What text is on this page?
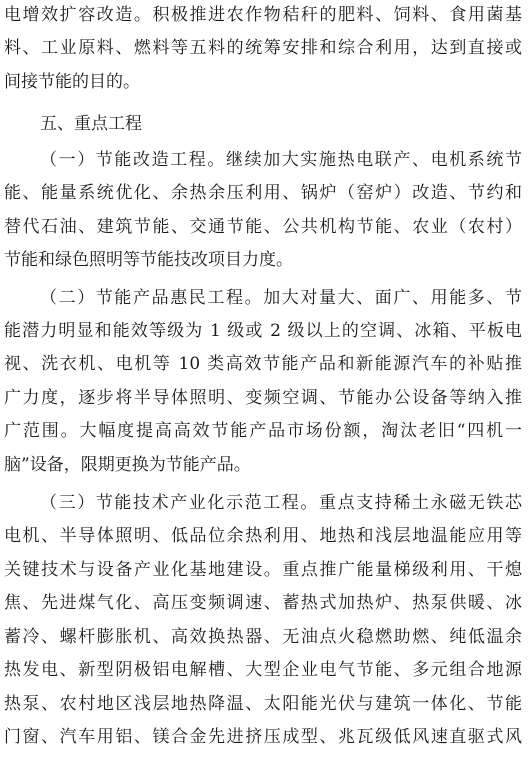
电增效扩容改造。积极推进农作物秸秆的肥料、饲料、食用菌基
料、工业原料、燃料等五料的统筹安排和综合利用，达到直接或
间接节能的目的。
五、重点工程
（一）节能改造工程。继续加大实施热电联产、电机系统节
能、能量系统优化、余热余压利用、锅炉（窑炉）改造、节约和
替代石油、建筑节能、交通节能、公共机构节能、农业（农村）
节能和绿色照明等节能技改项目力度。
（二）节能产品惠民工程。加大对量大、面广、用能多、节
能潜力明显和能效等级为 1 级或 2 级以上的空调、冰箱、平板电
视、洗衣机、电机等 10 类高效节能产品和新能源汽车的补贴推
广力度，逐步将半导体照明、变频空调、节能办公设备等纳入推
广范围。大幅度提高高效节能产品市场份额，淘汰老旧“四机一
脑”设备，限期更换为节能产品。
（三）节能技术产业化示范工程。重点支持稀土永磁无铁芯
电机、半导体照明、低品位余热利用、地热和浅层地温能应用等
关键技术与设备产业化基地建设。重点推广能量梯级利用、干熄
焦、先进煤气化、高压变频调速、蓄热式加热炉、热泵供暖、冰
蓄冷、螺杆膨胀机、高效换热器、无油点火稳燃助燃、纯低温余
热发电、新型阴极铝电解槽、大型企业电气节能、多元组合地源
热泵、农村地区浅层地热降温、太阳能光伏与建筑一体化、节能
门窗、汽车用铝、镁合金先进挤压成型、兆瓦级低风速直驱式风
